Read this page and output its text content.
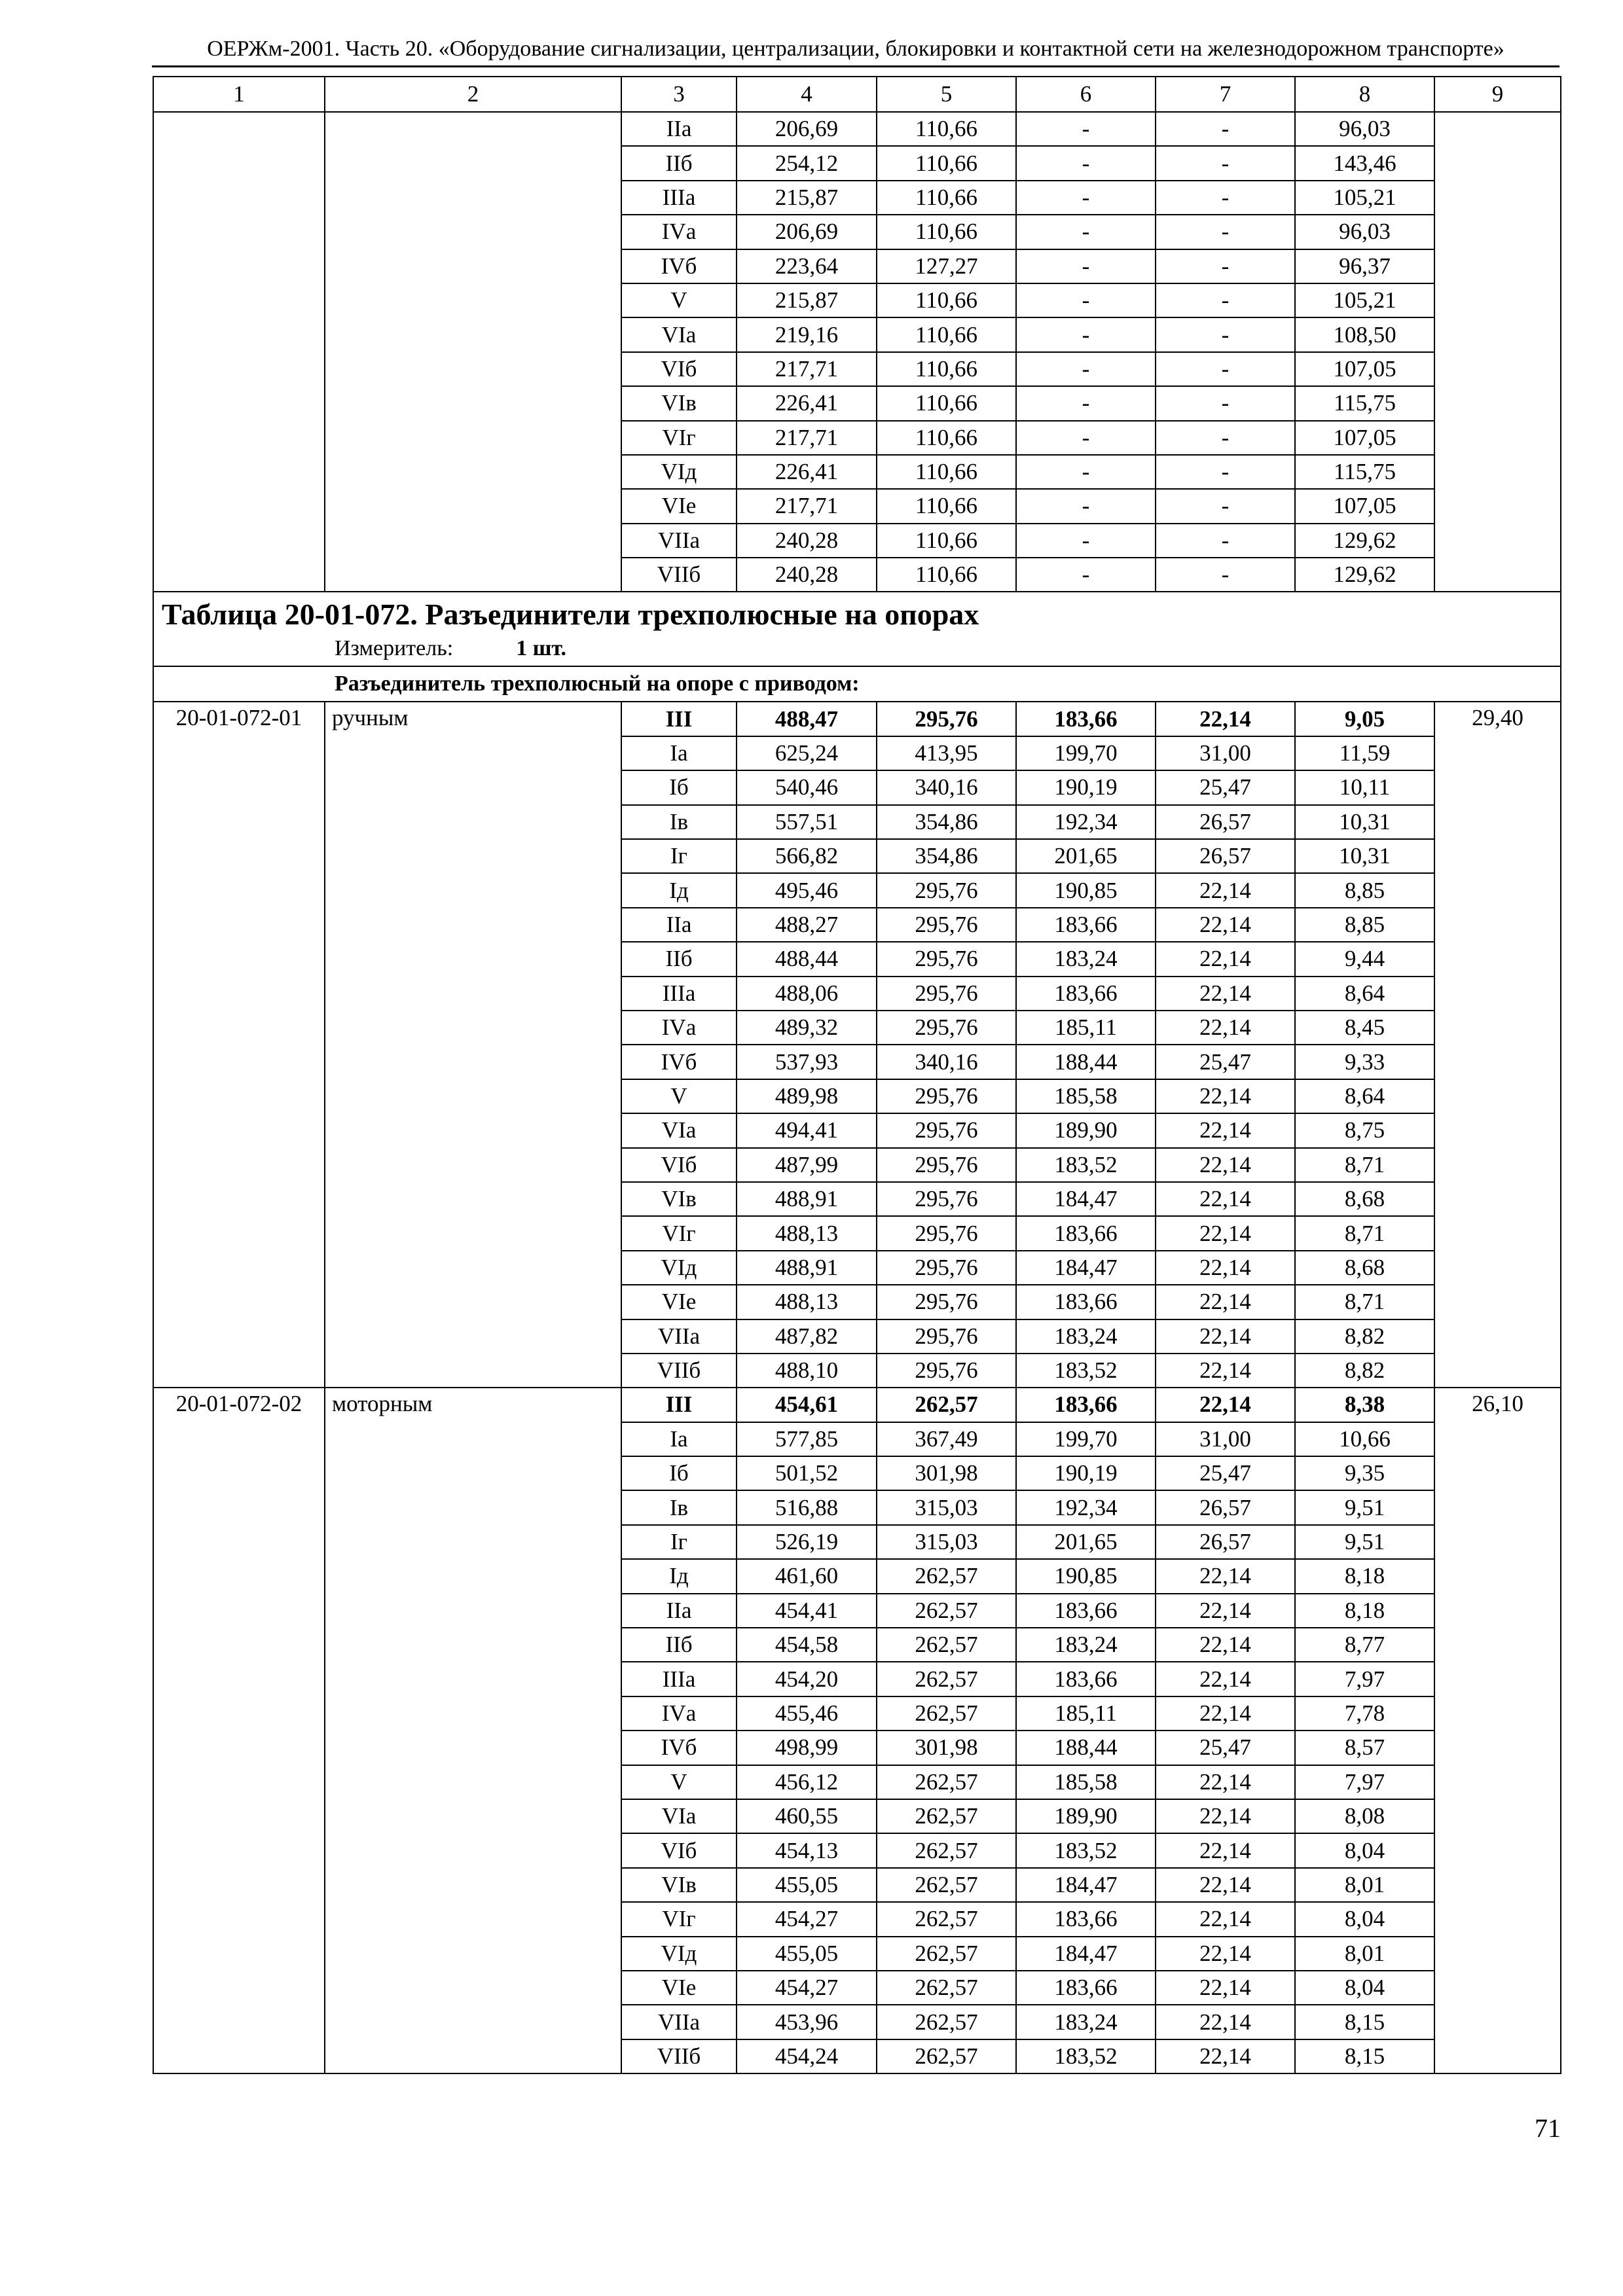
ОЕРЖм-2001. Часть 20. «Оборудование сигнализации, централизации, блокировки и контактной сети на железнодорожном транспорте»
1	2	3	4	5	6	7	8	9
		IIа	206,69	110,66	-	-	96,03	
		IIб	254,12	110,66	-	-	143,46	
		IIIа	215,87	110,66	-	-	105,21	
		IVа	206,69	110,66	-	-	96,03	
		IVб	223,64	127,27	-	-	96,37	
		V	215,87	110,66	-	-	105,21	
		VIа	219,16	110,66	-	-	108,50	
		VIб	217,71	110,66	-	-	107,05	
		VIв	226,41	110,66	-	-	115,75	
		VIг	217,71	110,66	-	-	107,05	
		VIд	226,41	110,66	-	-	115,75	
		VIе	217,71	110,66	-	-	107,05	
		VIIа	240,28	110,66	-	-	129,62	
		VIIб	240,28	110,66	-	-	129,62	

Таблица 20-01-072. Разъединители трехполюсные на опорах
Измеритель: 1 шт.								

Разъединитель трехполюсный на опоре с приводом:								
20-01-072-01	ручным	III	488,47	295,76	183,66	22,14	9,05	29,40
		Iа	625,24	413,95	199,70	31,00	11,59	
		Iб	540,46	340,16	190,19	25,47	10,11	
		Iв	557,51	354,86	192,34	26,57	10,31	
		Iг	566,82	354,86	201,65	26,57	10,31	
		Iд	495,46	295,76	190,85	22,14	8,85	
		IIа	488,27	295,76	183,66	22,14	8,85	
		IIб	488,44	295,76	183,24	22,14	9,44	
		IIIа	488,06	295,76	183,66	22,14	8,64	
		IVа	489,32	295,76	185,11	22,14	8,45	
		IVб	537,93	340,16	188,44	25,47	9,33	
		V	489,98	295,76	185,58	22,14	8,64	
		VIа	494,41	295,76	189,90	22,14	8,75	
		VIб	487,99	295,76	183,52	22,14	8,71	
		VIв	488,91	295,76	184,47	22,14	8,68	
		VIг	488,13	295,76	183,66	22,14	8,71	
		VIд	488,91	295,76	184,47	22,14	8,68	
		VIе	488,13	295,76	183,66	22,14	8,71	
		VIIа	487,82	295,76	183,24	22,14	8,82	
		VIIб	488,10	295,76	183,52	22,14	8,82	
20-01-072-02	моторным	III	454,61	262,57	183,66	22,14	8,38	26,10
		Iа	577,85	367,49	199,70	31,00	10,66	
		Iб	501,52	301,98	190,19	25,47	9,35	
		Iв	516,88	315,03	192,34	26,57	9,51	
		Iг	526,19	315,03	201,65	26,57	9,51	
		Iд	461,60	262,57	190,85	22,14	8,18	
		IIа	454,41	262,57	183,66	22,14	8,18	
		IIб	454,58	262,57	183,24	22,14	8,77	
		IIIа	454,20	262,57	183,66	22,14	7,97	
		IVа	455,46	262,57	185,11	22,14	7,78	
		IVб	498,99	301,98	188,44	25,47	8,57	
		V	456,12	262,57	185,58	22,14	7,97	
		VIа	460,55	262,57	189,90	22,14	8,08	
		VIб	454,13	262,57	183,52	22,14	8,04	
		VIв	455,05	262,57	184,47	22,14	8,01	
		VIг	454,27	262,57	183,66	22,14	8,04	
		VIд	455,05	262,57	184,47	22,14	8,01	
		VIе	454,27	262,57	183,66	22,14	8,04	
		VIIа	453,96	262,57	183,24	22,14	8,15	
		VIIб	454,24	262,57	183,52	22,14	8,15	
71
